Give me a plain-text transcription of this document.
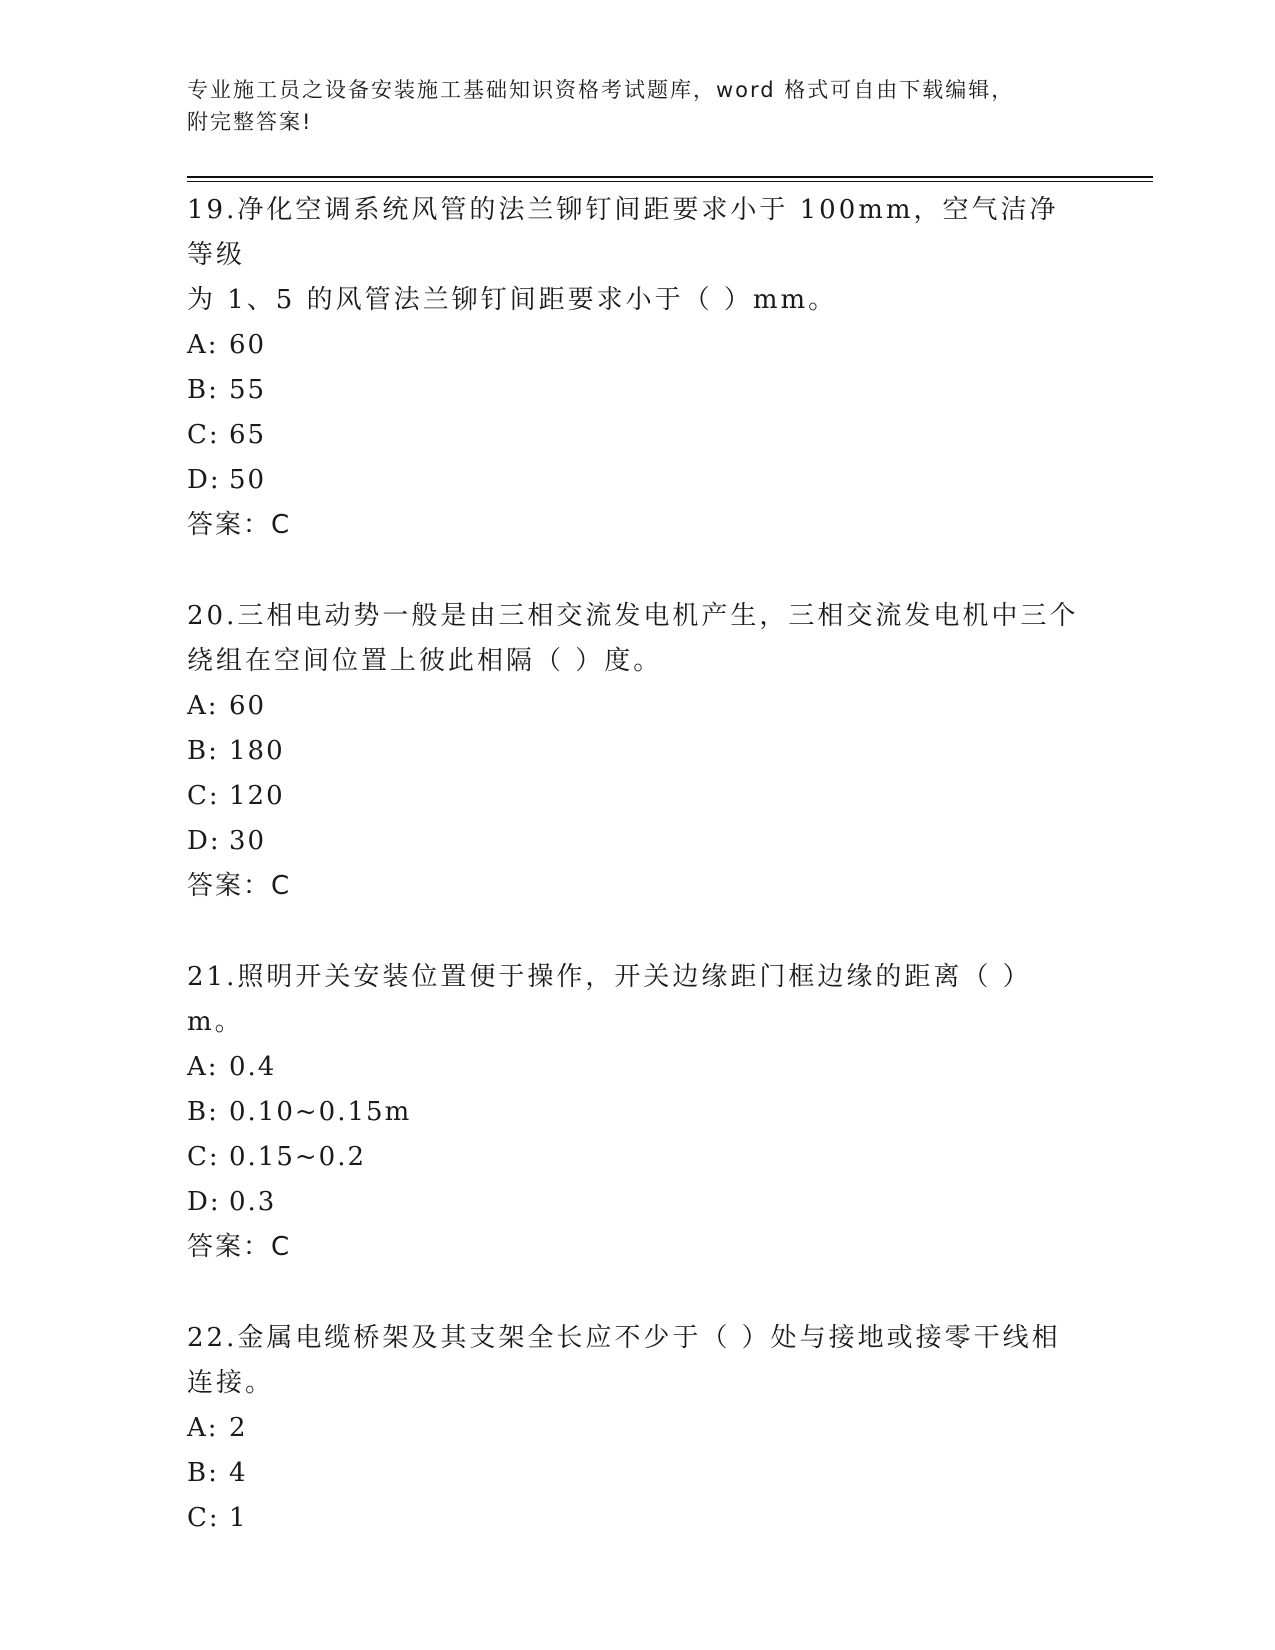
专业施工员之设备安装施工基础知识资格考试题库，word 格式可自由下载编辑，
附完整答案!

19.净化空调系统风管的法兰铆钉间距要求小于 100mm，空气洁净等级

为 1、5 的风管法兰铆钉间距要求小于（ ）mm。

A: 60
B: 55
C: 65
D: 50

答案：C

20.三相电动势一般是由三相交流发电机产生，三相交流发电机中三个

绕组在空间位置上彼此相隔（ ）度。

A: 60
B: 180
C: 120
D: 30

答案：C

21.照明开关安装位置便于操作，开关边缘距门框边缘的距离（ ）m。

A: 0.4
B: 0.10~0.15m
C: 0.15~0.2
D: 0.3

答案：C

22.金属电缆桥架及其支架全长应不少于（ ）处与接地或接零干线相

连接。

A: 2
B: 4
C: 1
